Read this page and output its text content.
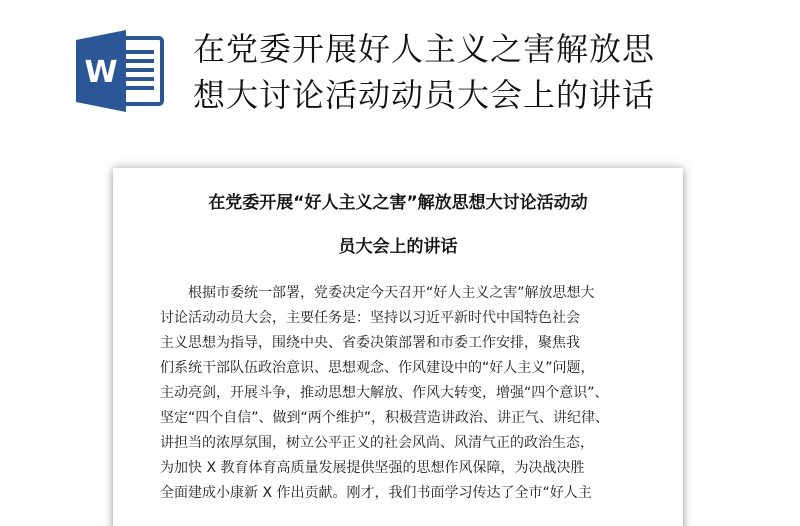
W
在党委开展好人主义之害解放思
想大讨论活动动员大会上的讲话
在党委开展“好人主义之害”解放思想大讨论活动动
员大会上的讲话
根据市委统一部署，党委决定今天召开“好人主义之害”解放思想大
讨论活动动员大会，主要任务是：坚持以习近平新时代中国特色社会
主义思想为指导，围绕中央、省委决策部署和市委工作安排，聚焦我
们系统干部队伍政治意识、思想观念、作风建设中的“好人主义”问题，
主动亮剑，开展斗争，推动思想大解放、作风大转变，增强“四个意识”、
坚定“四个自信”、做到“两个维护”，积极营造讲政治、讲正气、讲纪律、
讲担当的浓厚氛围，树立公平正义的社会风尚、风清气正的政治生态，
为加快 X 教育体育高质量发展提供坚强的思想作风保障，为决战决胜
全面建成小康新 X 作出贡献。刚才，我们书面学习传达了全市“好人主
